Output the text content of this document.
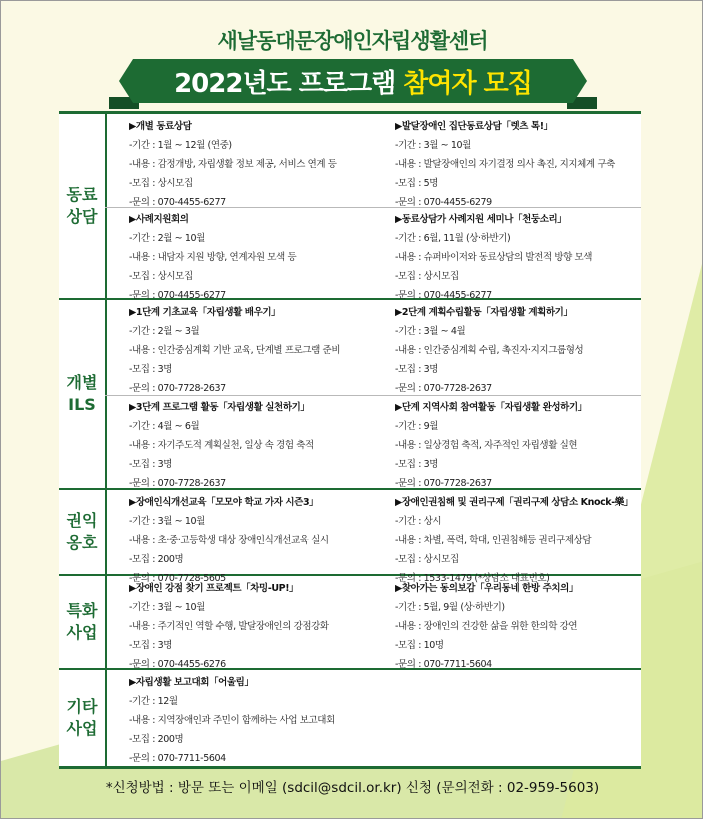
새날동대문장애인자립생활센터
2022년도 프로그램 참여자 모집
동료
상담
▶개별 동료상담
-기간 : 1월 ~ 12월 (연중)
-내용 : 감정개방, 자립생활 정보 제공, 서비스 연계 등
-모집 : 상시모집
-문의 : 070-4455-6277
▶발달장애인 집단동료상담「렛츠 톡!」
-기간 : 3월 ~ 10월
-내용 : 발달장애인의 자기결정 의사 촉진, 지지체계 구축
-모집 : 5명
-문의 : 070-4455-6279
▶사례지원회의
-기간 : 2월 ~ 10월
-내용 : 내담자 지원 방향, 연계자원 모색 등
-모집 : 상시모집
-문의 : 070-4455-6277
▶동료상담가 사례지원 세미나「천둥소리」
-기간 : 6월, 11월 (상·하반기)
-내용 : 슈퍼바이저와 동료상담의 발전적 방향 모색
-모집 : 상시모집
-문의 : 070-4455-6277
개별
ILS
▶1단계 기초교육「자립생활 배우기」
-기간 : 2월 ~ 3월
-내용 : 인간중심계획 기반 교육, 단계별 프로그램 준비
-모집 : 3명
-문의 : 070-7728-2637
▶2단계 계획수립활동「자립생활 계획하기」
-기간 : 3월 ~ 4월
-내용 : 인간중심계획 수립, 촉진자·지지그룹형성
-모집 : 3명
-문의 : 070-7728-2637
▶3단계 프로그램 활동「자립생활 실천하기」
-기간 : 4월 ~ 6월
-내용 : 자기주도적 계획실천, 일상 속 경험 축적
-모집 : 3명
-문의 : 070-7728-2637
▶단계 지역사회 참여활동「자립생활 완성하기」
-기간 : 9월
-내용 : 일상경험 축적, 자주적인 자립생활 실현
-모집 : 3명
-문의 : 070-7728-2637
권익
옹호
▶장애인식개선교육「모모야 학교 가자 시즌3」
-기간 : 3월 ~ 10월
-내용 : 초·중·고등학생 대상 장애인식개선교육 실시
-모집 : 200명
-문의 : 070-7728-5605
▶장애인권침해 및 권리구제「권리구제 상담소 Knock-樂」
-기간 : 상시
-내용 : 차별, 폭력, 학대, 인권침해등 권리구제상담
-모집 : 상시모집
-문의 : 1533-1479 (*상담소 대표번호)
특화
사업
▶장애인 강점 찾기 프로젝트「차밍-UP!」
-기간 : 3월 ~ 10월
-내용 : 주기적인 역할 수행, 발달장애인의 강점강화
-모집 : 3명
-문의 : 070-4455-6276
▶찾아가는 동의보감「우리동네 한방 주치의」
-기간 : 5월, 9월 (상·하반기)
-내용 : 장애인의 건강한 삶을 위한 한의학 강연
-모집 : 10명
-문의 : 070-7711-5604
기타
사업
▶자립생활 보고대회「어울림」
-기간 : 12월
-내용 : 지역장애인과 주민이 함께하는 사업 보고대회
-모집 : 200명
-문의 : 070-7711-5604
*신청방법 : 방문 또는 이메일 (sdcil@sdcil.or.kr) 신청 (문의전화 : 02-959-5603)
